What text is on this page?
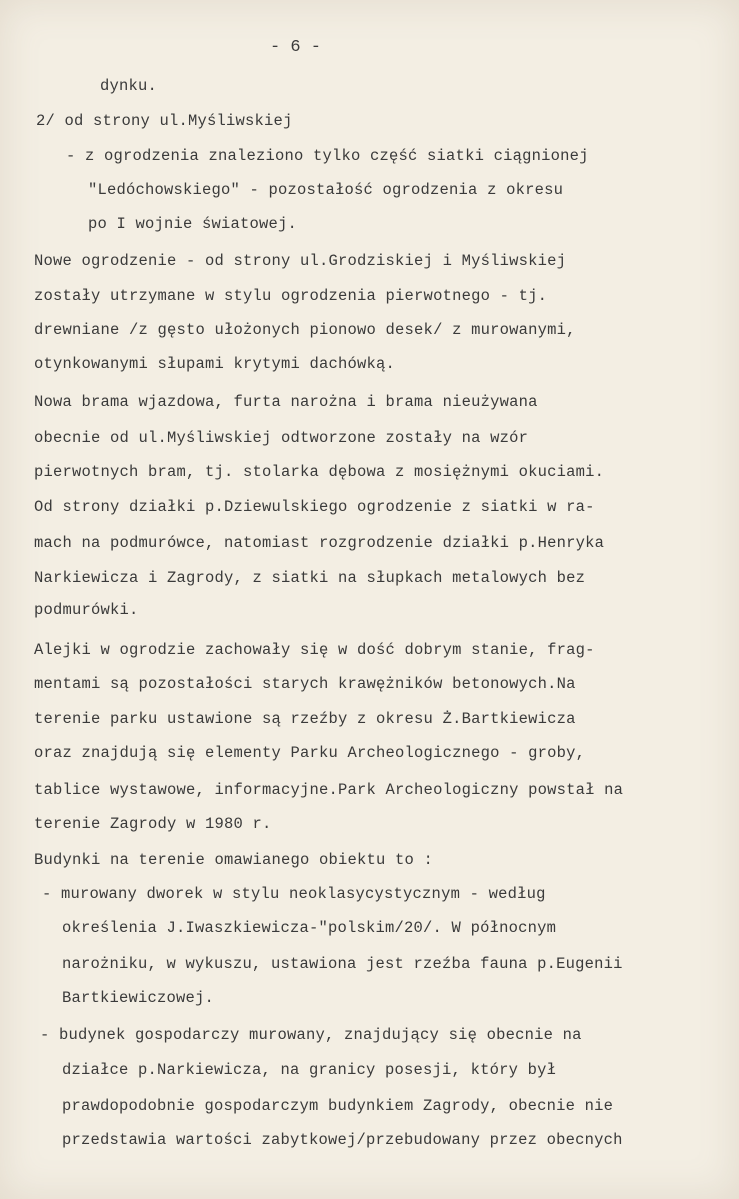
- 6 -
dynku.
2/ od strony ul.Myśliwskiej
- z ogrodzenia znaleziono tylko część siatki ciągnionej
"Ledóchowskiego" - pozostałość ogrodzenia z okresu
po I wojnie światowej.
Nowe ogrodzenie - od strony ul.Grodziskiej i Myśliwskiej
zostały utrzymane w stylu ogrodzenia pierwotnego - tj.
drewniane /z gęsto ułożonych pionowo desek/ z murowanymi,
otynkowanymi słupami krytymi dachówką.
Nowa brama wjazdowa, furta narożna i brama nieużywana
obecnie od ul.Myśliwskiej odtworzone zostały na wzór
pierwotnych bram, tj. stolarka dębowa z mosiężnymi okuciami.
Od strony działki p.Dziewulskiego ogrodzenie z siatki w ra-
mach na podmurówce, natomiast rozgrodzenie działki p.Henryka
Narkiewicza i Zagrody, z siatki na słupkach metalowych bez
podmurówki.
Alejki w ogrodzie zachowały się w dość dobrym stanie, frag-
mentami są pozostałości starych krawężników betonowych.Na
terenie parku ustawione są rzeźby z okresu Ż.Bartkiewicza
oraz znajdują się elementy Parku Archeologicznego - groby,
tablice wystawowe, informacyjne.Park Archeologiczny powstał na
terenie Zagrody w 1980 r.
Budynki na terenie omawianego obiektu to :
- murowany dworek w stylu neoklasycystycznym - według
określenia J.Iwaszkiewicza-"polskim/20/. W północnym
narożniku, w wykuszu, ustawiona jest rzeźba fauna p.Eugenii
Bartkiewiczowej.
- budynek gospodarczy murowany, znajdujący się obecnie na
działce p.Narkiewicza, na granicy posesji, który był
prawdopodobnie gospodarczym budynkiem Zagrody, obecnie nie
przedstawia wartości zabytkowej/przebudowany przez obecnych
